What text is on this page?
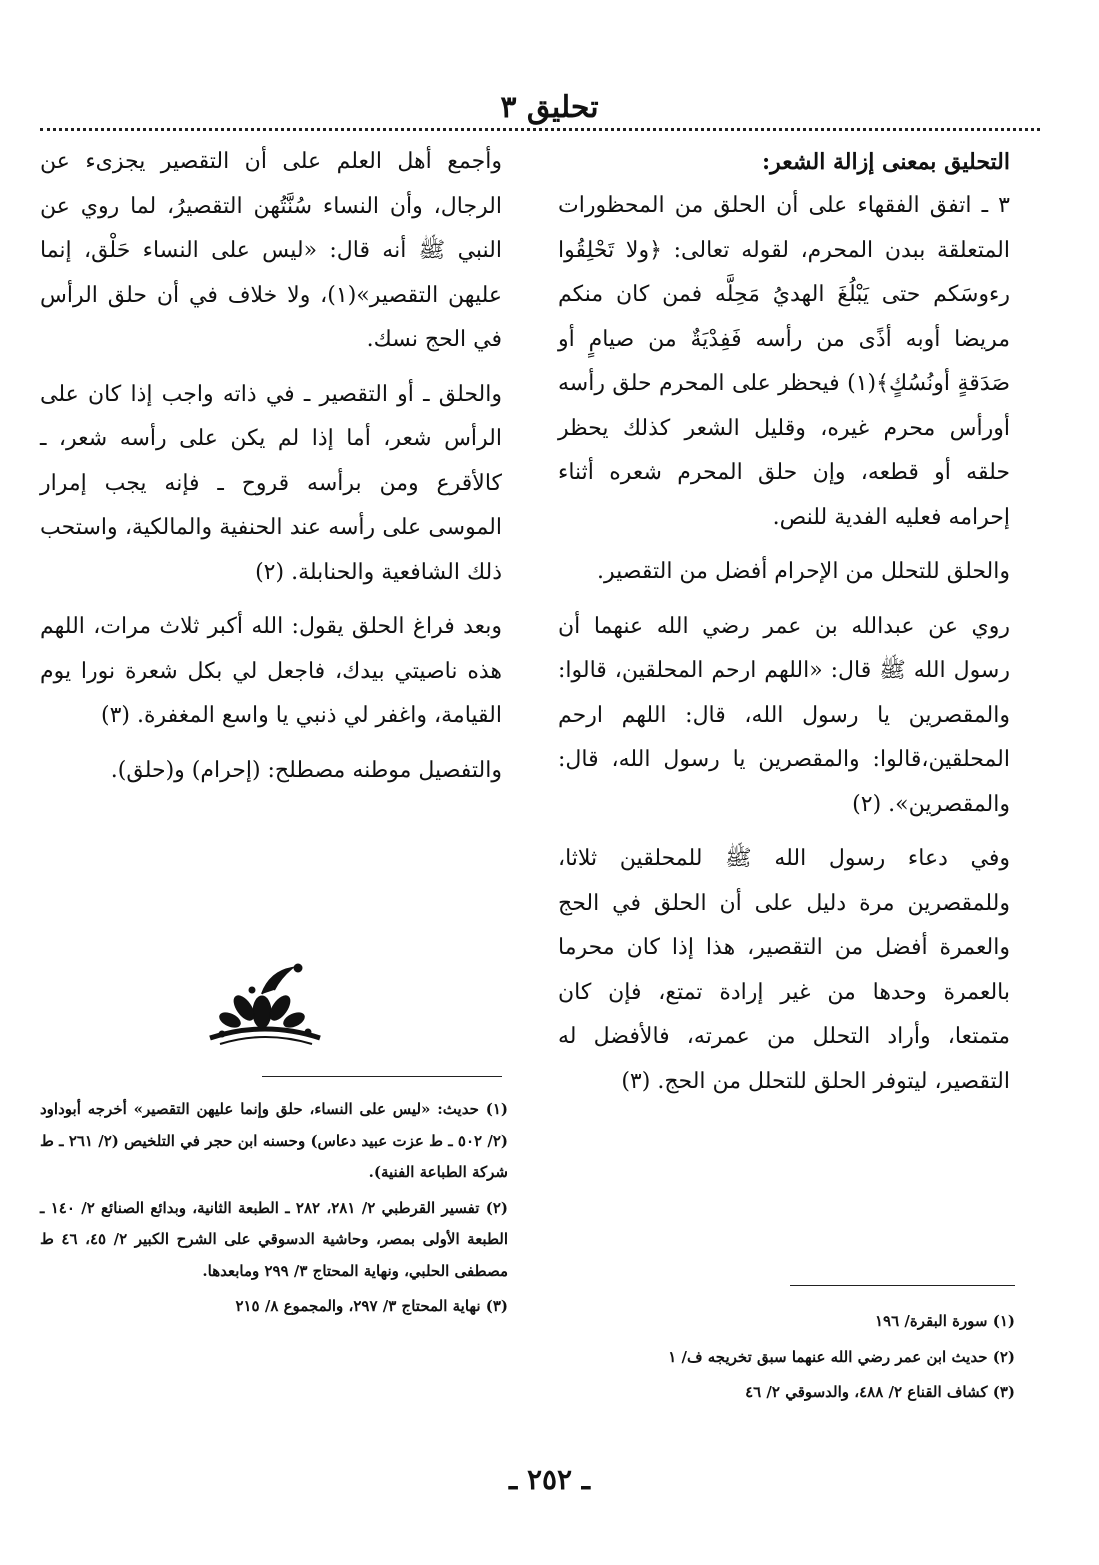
تحليق ٣

التحليق بمعنى إزالة الشعر:

٣ ـ اتفق الفقهاء على أن الحلق من المحظورات المتعلقة ببدن المحرم، لقوله تعالى: ﴿ولا تَحْلِقُوا رءوسَكم حتى يَبْلُغَ الهديُ مَحِلَّه فمن كان منكم مريضا أوبه أذًى من رأسه فَفِدْيَةٌ من صيامٍ أو صَدَقةٍ أونُسُكٍ﴾(١) فيحظر على المحرم حلق رأسه أورأس محرم غيره، وقليل الشعر كذلك يحظر حلقه أو قطعه، وإن حلق المحرم شعره أثناء إحرامه فعليه الفدية للنص.

والحلق للتحلل من الإحرام أفضل من التقصير.

روي عن عبدالله بن عمر رضي الله عنهما أن رسول الله ﷺ قال: «اللهم ارحم المحلقين، قالوا: والمقصرين يا رسول الله، قال: اللهم ارحم المحلقين،قالوا: والمقصرين يا رسول الله، قال: والمقصرين». (٢)

وفي دعاء رسول الله ﷺ للمحلقين ثلاثا، وللمقصرين مرة دليل على أن الحلق في الحج والعمرة أفضل من التقصير، هذا إذا كان محرما بالعمرة وحدها من غير إرادة تمتع، فإن كان متمتعا، وأراد التحلل من عمرته، فالأفضل له التقصير، ليتوفر الحلق للتحلل من الحج. (٣)

وأجمع أهل العلم على أن التقصير يجزىء عن الرجال، وأن النساء سُنَّتُهن التقصيرُ، لما روي عن النبي ﷺ أنه قال: «ليس على النساء حَلْق، إنما عليهن التقصير»(١)، ولا خلاف في أن حلق الرأس في الحج نسك.

والحلق ـ أو التقصير ـ في ذاته واجب إذا كان على الرأس شعر، أما إذا لم يكن على رأسه شعر، ـ كالأقرع ومن برأسه قروح ـ فإنه يجب إمرار الموسى على رأسه عند الحنفية والمالكية، واستحب ذلك الشافعية والحنابلة. (٢)

وبعد فراغ الحلق يقول: الله أكبر ثلاث مرات، اللهم هذه ناصيتي بيدك، فاجعل لي بكل شعرة نورا يوم القيامة، واغفر لي ذنبي يا واسع المغفرة. (٣)

والتفصيل موطنه مصطلح: (إحرام) و(حلق).

(١) حديث: «ليس على النساء، حلق وإنما عليهن التقصير» أخرجه أبوداود (٢/ ٥٠٢ ـ ط عزت عبيد دعاس) وحسنه ابن حجر في التلخيص (٢/ ٢٦١ ـ ط شركة الطباعة الفنية).

(٢) تفسير القرطبي ٢/ ٢٨١، ٢٨٢ ـ الطبعة الثانية، وبدائع الصنائع ٢/ ١٤٠ ـ الطبعة الأولى بمصر، وحاشية الدسوقي على الشرح الكبير ٢/ ٤٥، ٤٦ ط مصطفى الحلبي، ونهاية المحتاج ٣/ ٢٩٩ ومابعدها.

(٣) نهاية المحتاج ٣/ ٢٩٧، والمجموع ٨/ ٢١٥

(١) سورة البقرة/ ١٩٦

(٢) حديث ابن عمر رضي الله عنهما سبق تخريجه ف/ ١

(٣) كشاف القناع ٢/ ٤٨٨، والدسوقي ٢/ ٤٦

ـ ٢٥٢ ـ
